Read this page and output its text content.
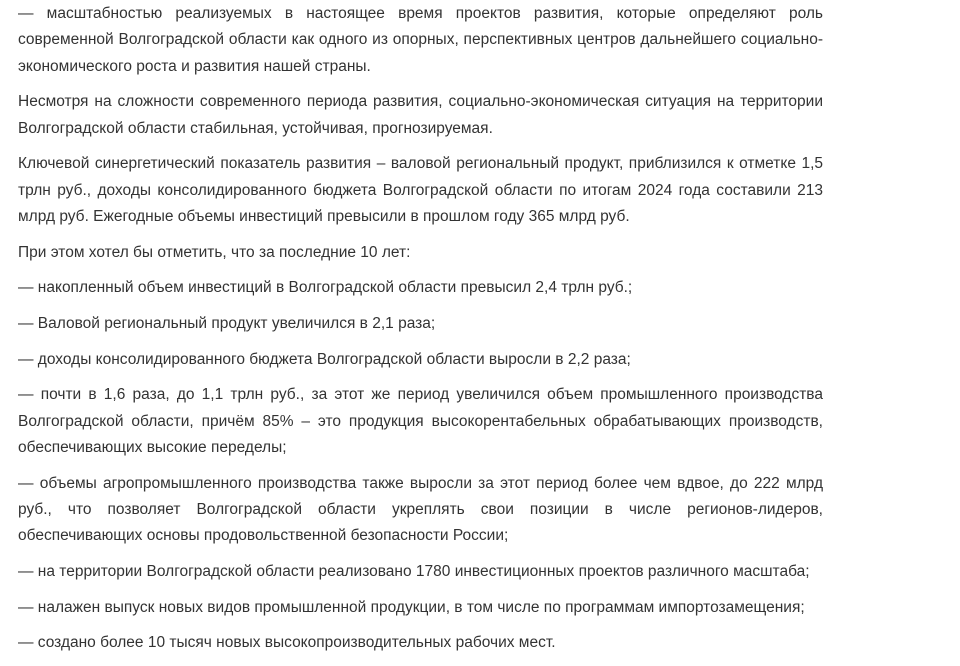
— масштабностью реализуемых в настоящее время проектов развития, которые определяют роль современной Волгоградской области как одного из опорных, перспективных центров дальнейшего социально-экономического роста и развития нашей страны.

Несмотря на сложности современного периода развития, социально-экономическая ситуация на территории Волгоградской области стабильная, устойчивая, прогнозируемая.

Ключевой синергетический показатель развития – валовой региональный продукт, приблизился к отметке 1,5 трлн руб., доходы консолидированного бюджета Волгоградской области по итогам 2024 года составили 213 млрд руб. Ежегодные объемы инвестиций превысили в прошлом году 365 млрд руб.

При этом хотел бы отметить, что за последние 10 лет:

— накопленный объем инвестиций в Волгоградской области превысил 2,4 трлн руб.;

— Валовой региональный продукт увеличился в 2,1 раза;

— доходы консолидированного бюджета Волгоградской области выросли в 2,2 раза;

— почти в 1,6 раза, до 1,1 трлн руб., за этот же период увеличился объем промышленного производства Волгоградской области, причём 85% – это продукция высокорентабельных обрабатывающих производств, обеспечивающих высокие переделы;

— объемы агропромышленного производства также выросли за этот период более чем вдвое, до 222 млрд руб., что позволяет Волгоградской области укреплять свои позиции в числе регионов-лидеров, обеспечивающих основы продовольственной безопасности России;

— на территории Волгоградской области реализовано 1780 инвестиционных проектов различного масштаба;

— налажен выпуск новых видов промышленной продукции, в том числе по программам импортозамещения;

— создано более 10 тысяч новых высокопроизводительных рабочих мест.
